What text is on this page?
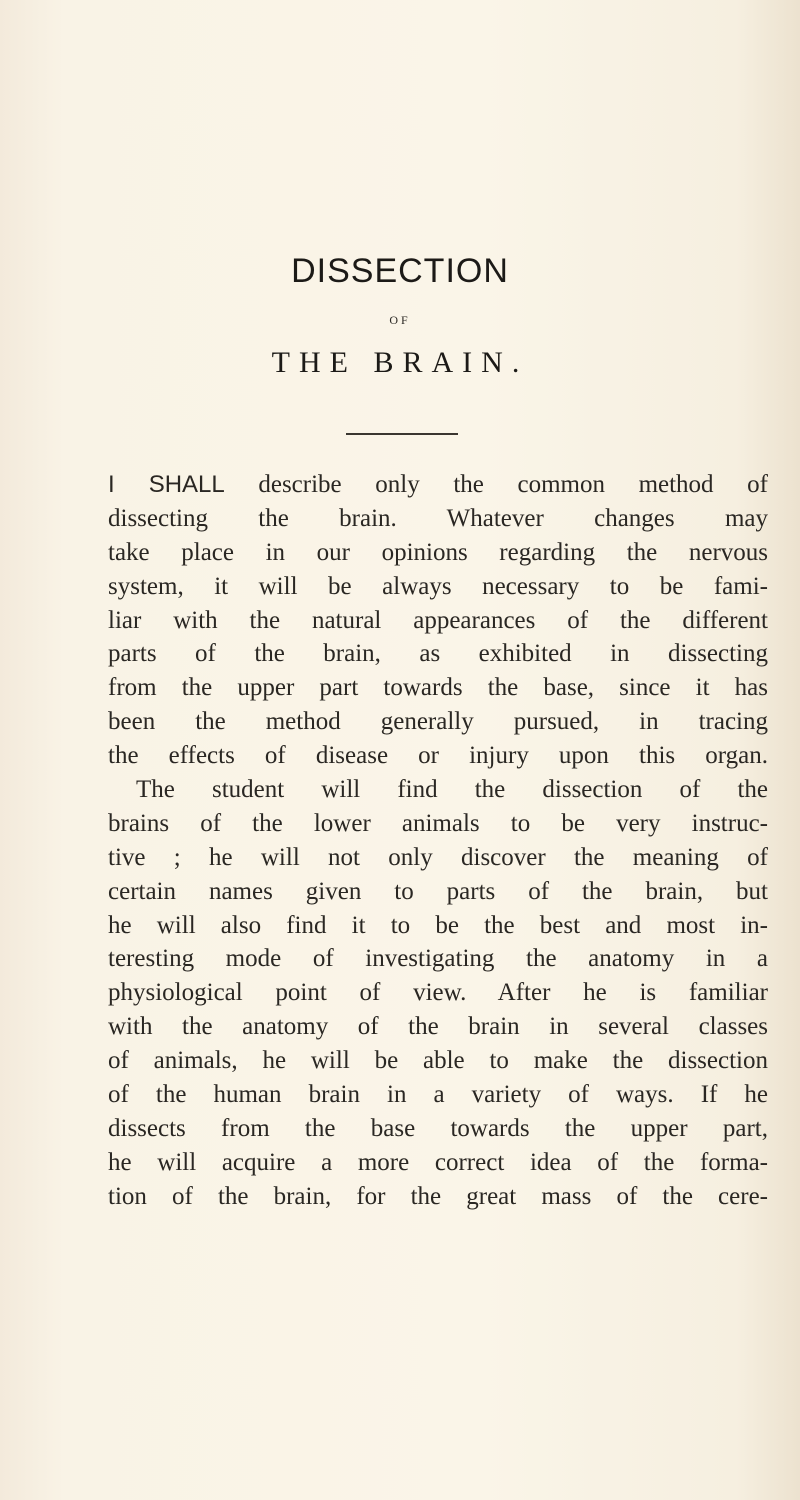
DISSECTION
OF
THE BRAIN.
I SHALL describe only the common method of
dissecting the brain. Whatever changes may
take place in our opinions regarding the nervous
system, it will be always necessary to be fami-
liar with the natural appearances of the different
parts of the brain, as exhibited in dissecting
from the upper part towards the base, since it has
been the method generally pursued, in tracing
the effects of disease or injury upon this organ.
The student will find the dissection of the
brains of the lower animals to be very instruc-
tive ; he will not only discover the meaning of
certain names given to parts of the brain, but
he will also find it to be the best and most in-
teresting mode of investigating the anatomy in a
physiological point of view. After he is familiar
with the anatomy of the brain in several classes
of animals, he will be able to make the dissection
of the human brain in a variety of ways. If he
dissects from the base towards the upper part,
he will acquire a more correct idea of the forma-
tion of the brain, for the great mass of the cere-
